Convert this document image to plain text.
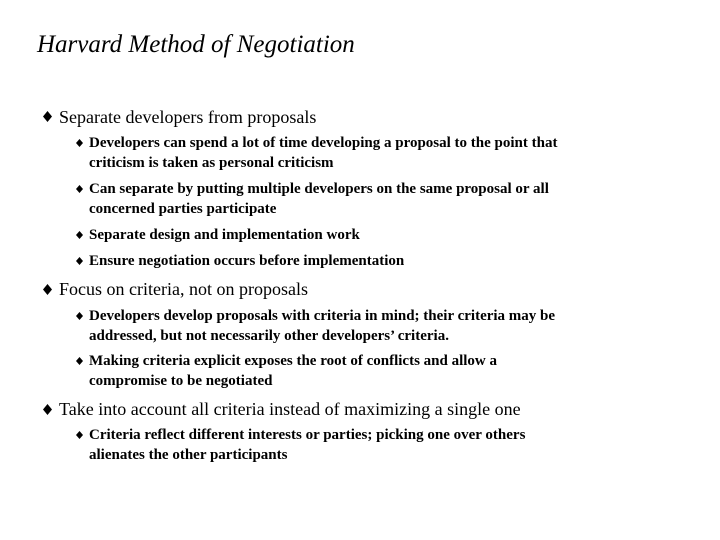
Harvard Method of Negotiation
Separate developers from proposals
Developers can spend a lot of time developing a proposal to the point that
criticism is taken as personal criticism
Can separate by putting multiple developers on the same proposal or all
concerned parties participate
Separate design and implementation work
Ensure negotiation occurs before implementation
Focus on criteria, not on proposals
Developers develop proposals with criteria in mind; their criteria may be
addressed, but not necessarily other developers’ criteria.
Making criteria explicit exposes the root of conflicts and allow a
compromise to be negotiated
Take into account all criteria instead of maximizing a single one
Criteria reflect different interests or parties; picking one over others
alienates the other participants
